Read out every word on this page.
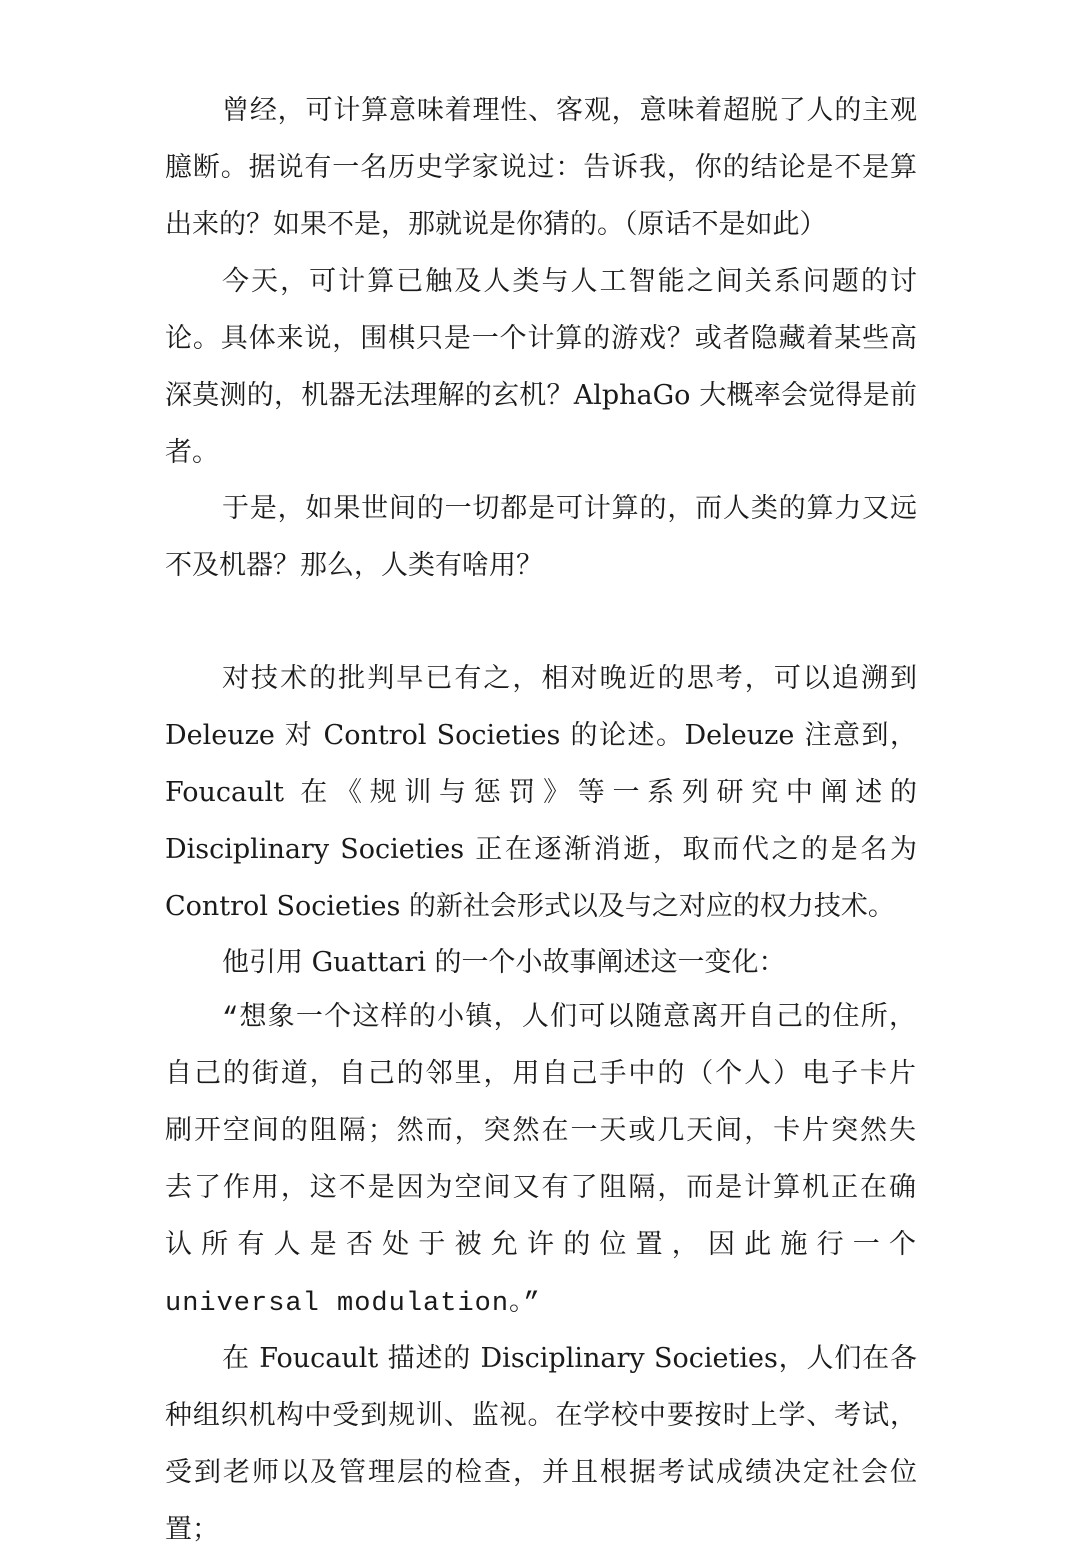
曾经，可计算意味着理性、客观，意味着超脱了人的主观臆断。据说有一名历史学家说过：告诉我，你的结论是不是算出来的？如果不是，那就说是你猜的。（原话不是如此）

今天，可计算已触及人类与人工智能之间关系问题的讨论。具体来说，围棋只是一个计算的游戏？或者隐藏着某些高深莫测的，机器无法理解的玄机？AlphaGo 大概率会觉得是前者。

于是，如果世间的一切都是可计算的，而人类的算力又远不及机器？那么，人类有啥用？

对技术的批判早已有之，相对晚近的思考，可以追溯到 Deleuze 对 Control Societies 的论述。Deleuze 注意到，Foucault 在《规训与惩罚》等一系列研究中阐述的 Disciplinary Societies 正在逐渐消逝，取而代之的是名为 Control Societies 的新社会形式以及与之对应的权力技术。

他引用 Guattari 的一个小故事阐述这一变化：

“想象一个这样的小镇，人们可以随意离开自己的住所，自己的街道，自己的邻里，用自己手中的（个人）电子卡片刷开空间的阻隔；然而，突然在一天或几天间，卡片突然失去了作用，这不是因为空间又有了阻隔，而是计算机正在确认所有人是否处于被允许的位置，因此施行一个 universal modulation。”

在 Foucault 描述的 Disciplinary Societies，人们在各种组织机构中受到规训、监视。在学校中要按时上学、考试，受到老师以及管理层的检查，并且根据考试成绩决定社会位置；
